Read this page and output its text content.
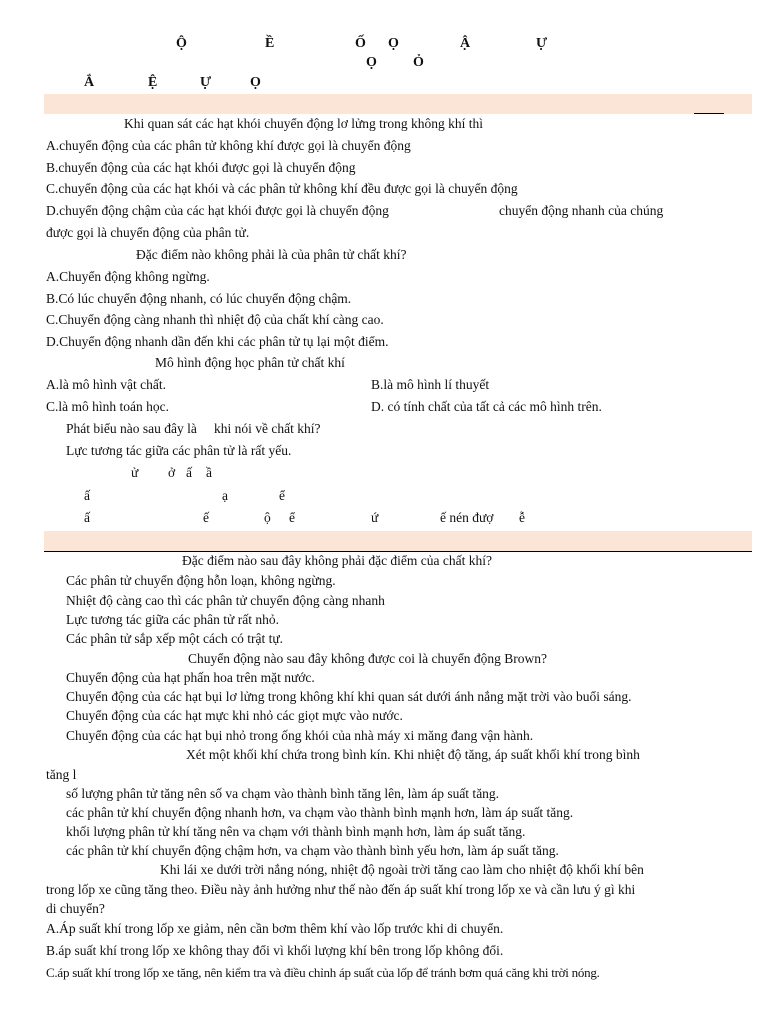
Ộ	Ề	Ố Ọ	Ậ	Ự
Ọ	Ỏ
Ắ	Ệ	Ự	Ọ
Khi quan sát các hạt khói chuyển động lơ lửng trong không khí thì
A.chuyển động của các phân tử không khí được gọi là chuyển động
B.chuyển động của các hạt khói được gọi là chuyển động
C.chuyển động của các hạt khói và các phân tử không khí đều được gọi là chuyển động
D.chuyển động chậm của các hạt khói được gọi là chuyển động	chuyển động nhanh của chúng
được gọi là chuyển động của phân tử.
Đặc điểm nào không phải là của phân tử chất khí?
A.Chuyển động không ngừng.
B.Có lúc chuyển động nhanh, có lúc chuyển động chậm.
C.Chuyển động càng nhanh thì nhiệt độ của chất khí càng cao.
D.Chuyển động nhanh dần đến khi các phân tử tụ lại một điểm.
Mô hình động học phân tử chất khí
A.là mô hình vật chất.	B.là mô hình lí thuyết
C.là mô hình toán học.	D. có tính chất của tất cả các mô hình trên.
Phát biểu nào sau đây là khi nói về chất khí?
Lực tương tác giữa các phân tử là rất yếu.
ử ở ấ ầ
ấ	ạ	ể
ấ	ế	ộ ể	ứ	ế nén đượ ễ
Đặc điểm nào sau đây không phải đặc điểm của chất khí?
Các phân tử chuyển động hỗn loạn, không ngừng.
Nhiệt độ càng cao thì các phân tử chuyển động càng nhanh
Lực tương tác giữa các phân tử rất nhỏ.
Các phân tử sắp xếp một cách có trật tự.
Chuyển động nào sau đây không được coi là chuyển động Brown?
Chuyển động của hạt phấn hoa trên mặt nước.
Chuyển động của các hạt bụi lơ lửng trong không khí khi quan sát dưới ánh nắng mặt trời vào buổi sáng.
Chuyển động của các hạt mực khi nhỏ các giọt mực vào nước.
Chuyển động của các hạt bụi nhỏ trong ống khói của nhà máy xi măng đang vận hành.
Xét một khối khí chứa trong bình kín. Khi nhiệt độ tăng, áp suất khối khí trong bình
tăng l
số lượng phân tử tăng nên số va chạm vào thành bình tăng lên, làm áp suất tăng.
các phân tử khí chuyển động nhanh hơn, va chạm vào thành bình mạnh hơn, làm áp suất tăng.
khối lượng phân tử khí tăng nên va chạm với thành bình mạnh hơn, làm áp suất tăng.
các phân tử khí chuyển động chậm hơn, va chạm vào thành bình yếu hơn, làm áp suất tăng.
Khi lái xe dưới trời nắng nóng, nhiệt độ ngoài trời tăng cao làm cho nhiệt độ khối khí bên
trong lốp xe cũng tăng theo. Điều này ảnh hưởng như thế nào đến áp suất khí trong lốp xe và cần lưu ý gì khi
di chuyển?
A.Áp suất khí trong lốp xe giảm, nên cần bơm thêm khí vào lốp trước khi di chuyển.
B.áp suất khí trong lốp xe không thay đổi vì khối lượng khí bên trong lốp không đổi.
C.áp suất khí trong lốp xe tăng, nên kiểm tra và điều chỉnh áp suất của lốp để tránh bơm quá căng khi trời nóng.
